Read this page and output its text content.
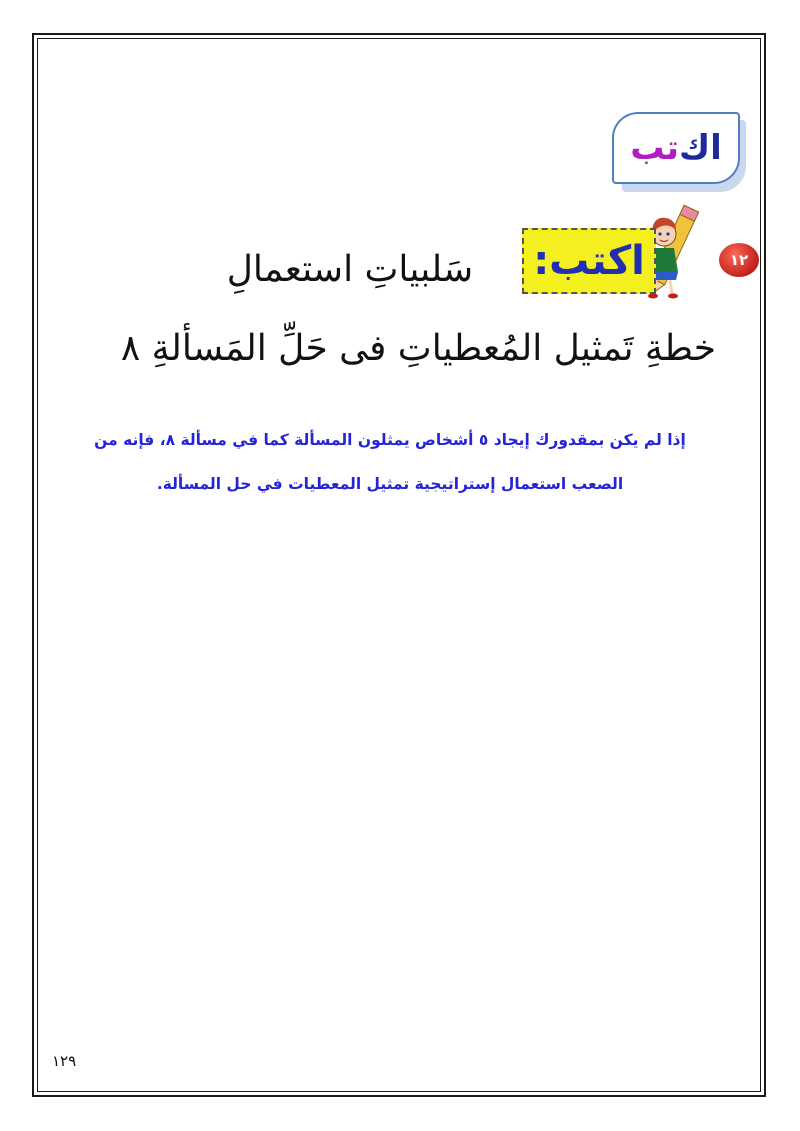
اك
تب
١٢
اكتب:
سَلبياتِ استعمالِ
خطةِ تَمثيل المُعطياتِ فى حَلِّ المَسألةِ ٨
إذا لم يكن بمقدورك إيجاد ٥ أشخاص يمثلون المسألة كما في مسألة ٨، فإنه من الصعب استعمال إستراتيجية تمثيل المعطيات في حل المسألة.
١٢٩
